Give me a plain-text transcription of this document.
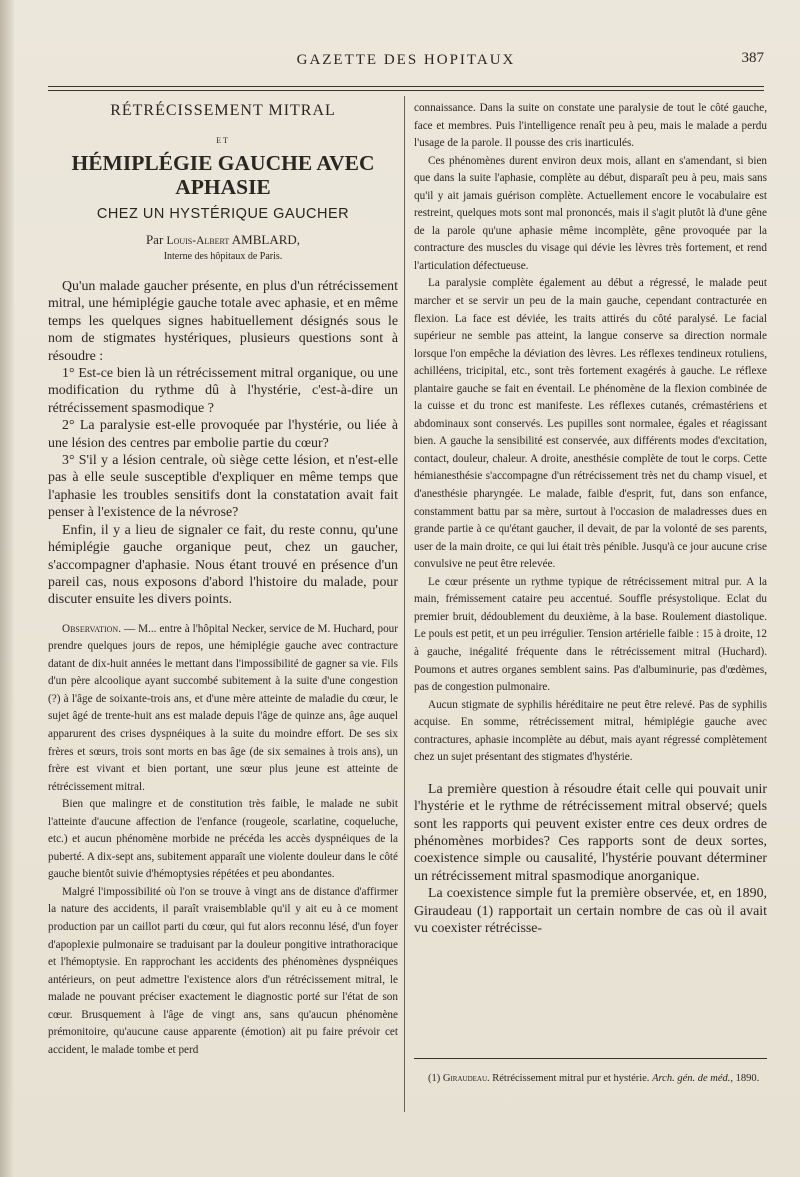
GAZETTE DES HOPITAUX	387

RÉTRÉCISSEMENT MITRAL

ET

HÉMIPLÉGIE GAUCHE AVEC APHASIE

CHEZ UN HYSTÉRIQUE GAUCHER

Par Louis-Albert AMBLARD,

Interne des hôpitaux de Paris.

Qu'un malade gaucher présente, en plus d'un rétrécissement mitral, une hémiplégie gauche totale avec aphasie, et en même temps les quelques signes habituellement désignés sous le nom de stigmates hystériques, plusieurs questions sont à résoudre :

1° Est-ce bien là un rétrécissement mitral organique, ou une modification du rythme dû à l'hystérie, c'est-à-dire un rétrécissement spasmodique ?

2° La paralysie est-elle provoquée par l'hystérie, ou liée à une lésion des centres par embolie partie du cœur?

3° S'il y a lésion centrale, où siège cette lésion, et n'est-elle pas à elle seule susceptible d'expliquer en même temps que l'aphasie les troubles sensitifs dont la constatation avait fait penser à l'existence de la névrose?

Enfin, il y a lieu de signaler ce fait, du reste connu, qu'une hémiplégie gauche organique peut, chez un gaucher, s'accompagner d'aphasie. Nous étant trouvé en présence d'un pareil cas, nous exposons d'abord l'histoire du malade, pour discuter ensuite les divers points.

Observation. — M... entre à l'hôpital Necker, service de M. Huchard, pour prendre quelques jours de repos, une hémiplégie gauche avec contracture datant de dix-huit années le mettant dans l'impossibilité de gagner sa vie. Fils d'un père alcoolique ayant succombé subitement à la suite d'une congestion (?) à l'âge de soixante-trois ans, et d'une mère atteinte de maladie du cœur, le sujet âgé de trente-huit ans est malade depuis l'âge de quinze ans, âge auquel apparurent des crises dyspnéiques à la suite du moindre effort. De ses six frères et sœurs, trois sont morts en bas âge (de six semaines à trois ans), un frère est vivant et bien portant, une sœur plus jeune est atteinte de rétrécissement mitral.

Bien que malingre et de constitution très faible, le malade ne subit l'atteinte d'aucune affection de l'enfance (rougeole, scarlatine, coqueluche, etc.) et aucun phénomène morbide ne précéda les accès dyspnéiques de la puberté. A dix-sept ans, subitement apparaît une violente douleur dans le côté gauche bientôt suivie d'hémoptysies répétées et peu abondantes.

Malgré l'impossibilité où l'on se trouve à vingt ans de distance d'affirmer la nature des accidents, il paraît vraisemblable qu'il y ait eu à ce moment production par un caillot parti du cœur, qui fut alors reconnu lésé, d'un foyer d'apoplexie pulmonaire se traduisant par la douleur pongitive intrathoracique et l'hémoptysie. En rapprochant les accidents des phénomènes dyspnéiques antérieurs, on peut admettre l'existence alors d'un rétrécissement mitral, le malade ne pouvant préciser exactement le diagnostic porté sur l'état de son cœur. Brusquement à l'âge de vingt ans, sans qu'aucun phénomène prémonitoire, qu'aucune cause apparente (émotion) ait pu faire prévoir cet accident, le malade tombe et perd

connaissance. Dans la suite on constate une paralysie de tout le côté gauche, face et membres. Puis l'intelligence renaît peu à peu, mais le malade a perdu l'usage de la parole. Il pousse des cris inarticulés.

Ces phénomènes durent environ deux mois, allant en s'amendant, si bien que dans la suite l'aphasie, complète au début, disparaît peu à peu, mais sans qu'il y ait jamais guérison complète. Actuellement encore le vocabulaire est restreint, quelques mots sont mal prononcés, mais il s'agit plutôt là d'une gêne de la parole qu'une aphasie même incomplète, gêne provoquée par la contracture des muscles du visage qui dévie les lèvres très fortement, et rend l'articulation défectueuse.

La paralysie complète également au début a régressé, le malade peut marcher et se servir un peu de la main gauche, cependant contracturée en flexion. La face est déviée, les traits attirés du côté paralysé. Le facial supérieur ne semble pas atteint, la langue conserve sa direction normale lorsque l'on empêche la déviation des lèvres. Les réflexes tendineux rotuliens, achilléens, tricipital, etc., sont très fortement exagérés à gauche. Le réflexe plantaire gauche se fait en éventail. Le phénomène de la flexion combinée de la cuisse et du tronc est manifeste. Les réflexes cutanés, crémastériens et abdominaux sont conservés. Les pupilles sont normalee, égales et réagissant bien. A gauche la sensibilité est conservée, aux différents modes d'excitation, contact, douleur, chaleur. A droite, anesthésie complète de tout le corps. Cette hémianesthésie s'accompagne d'un rétrécissement très net du champ visuel, et d'anesthésie pharyngée. Le malade, faible d'esprit, fut, dans son enfance, constamment battu par sa mère, surtout à l'occasion de maladresses dues en grande partie à ce qu'étant gaucher, il devait, de par la volonté de ses parents, user de la main droite, ce qui lui était très pénible. Jusqu'à ce jour aucune crise convulsive ne peut être relevée.

Le cœur présente un rythme typique de rétrécissement mitral pur. A la main, frémissement cataire peu accentué. Souffle présystolique. Eclat du premier bruit, dédoublement du deuxième, à la base. Roulement diastolique. Le pouls est petit, et un peu irrégulier. Tension artérielle faible : 15 à droite, 12 à gauche, inégalité fréquente dans le rétrécissement mitral (Huchard). Poumons et autres organes semblent sains. Pas d'albuminurie, pas d'œdèmes, pas de congestion pulmonaire.

Aucun stigmate de syphilis héréditaire ne peut être relevé. Pas de syphilis acquise. En somme, rétrécissement mitral, hémiplégie gauche avec contractures, aphasie incomplète au début, mais ayant régressé complètement chez un sujet présentant des stigmates d'hystérie.

La première question à résoudre était celle qui pouvait unir l'hystérie et le rythme de rétrécissement mitral observé; quels sont les rapports qui peuvent exister entre ces deux ordres de phénomènes morbides? Ces rapports sont de deux sortes, coexistence simple ou causalité, l'hystérie pouvant déterminer un rétrécissement mitral spasmodique anorganique.

La coexistence simple fut la première observée, et, en 1890, Giraudeau (1) rapportait un certain nombre de cas où il avait vu coexister rétrécisse-

(1) Giraudeau. Rétrécissement mitral pur et hystérie. Arch. gén. de méd., 1890.
